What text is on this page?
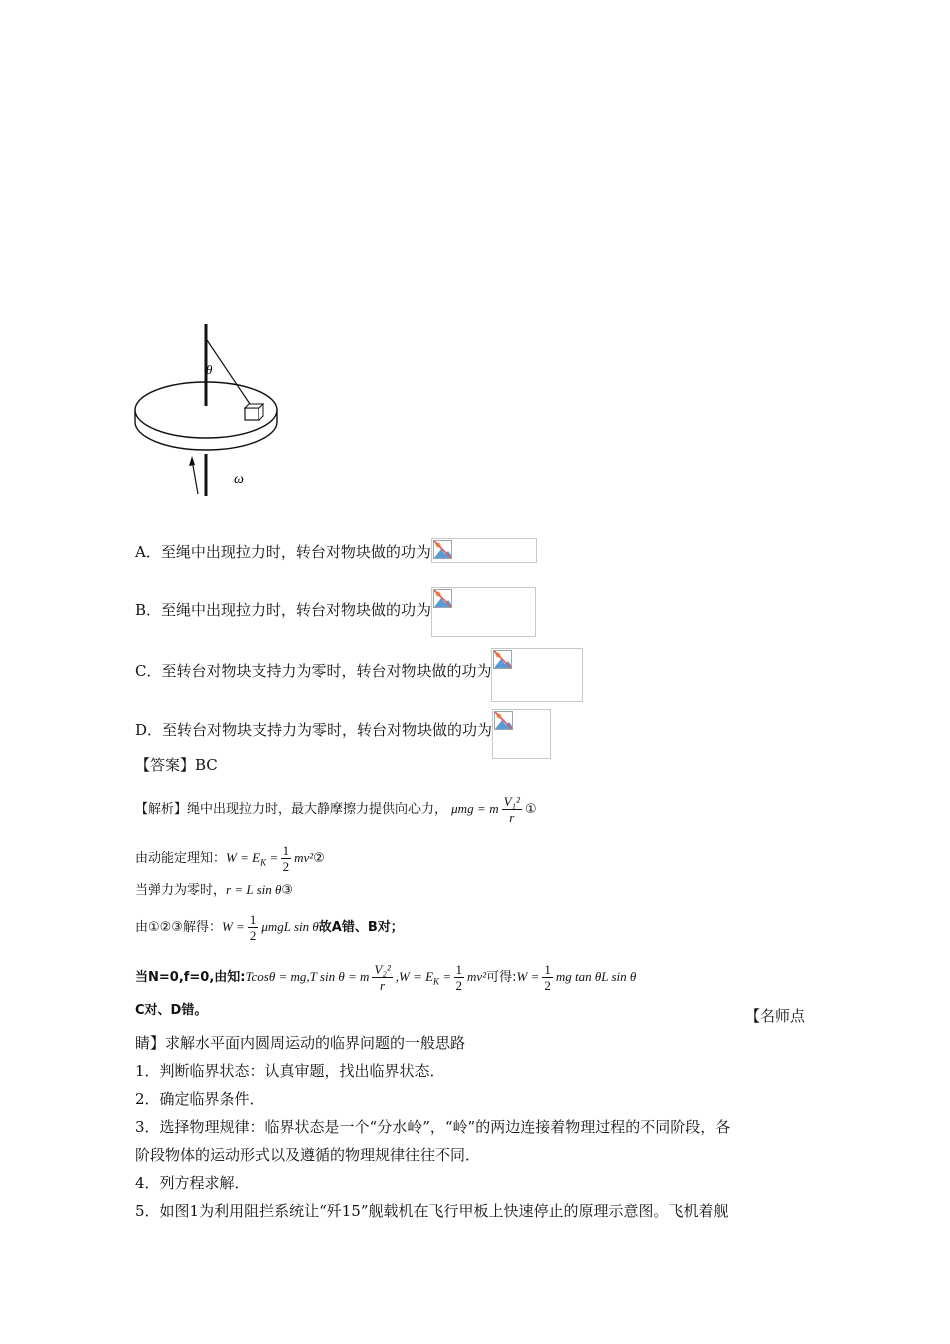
θ
ω
A．至绳中出现拉力时，转台对物块做的功为
B．至绳中出现拉力时，转台对物块做的功为
C．至转台对物块支持力为零时，转台对物块做的功为
D．至转台对物块支持力为零时，转台对物块做的功为
【答案】BC
【解析】绳中出现拉力时，最大静摩擦力提供向心力， μmg = m $\frac{\text{V₁²}}{r}$ ①
由动能定理知：$W = E_K = \frac{1}{2}$ mv²②
当弹力为零时，r = L sin θ③
由①②③解得：$W = \frac{1}{2}$ μmgL sin θ故A错、B对；
当N=0,f=0,由知:Tcosθ = mg,T sin θ = m $\frac{\text{V₂²}}{r} ,W = E_K = \frac{1}{2} mv^2$可得:W = $\frac{1}{2}$ mg tan θL sin θ
C对、D错。	【名师点
睛】求解水平面内圆周运动的临界问题的一般思路
1．判断临界状态：认真审题，找出临界状态．
2．确定临界条件．
3．选择物理规律：临界状态是一个“分水岭”，“岭”的两边连接着物理过程的不同阶段，各
阶段物体的运动形式以及遵循的物理规律往往不同．
4．列方程求解．
5．如图1为利用阻拦系统让“歼15”舰载机在飞行甲板上快速停止的原理示意图。飞机着舰
